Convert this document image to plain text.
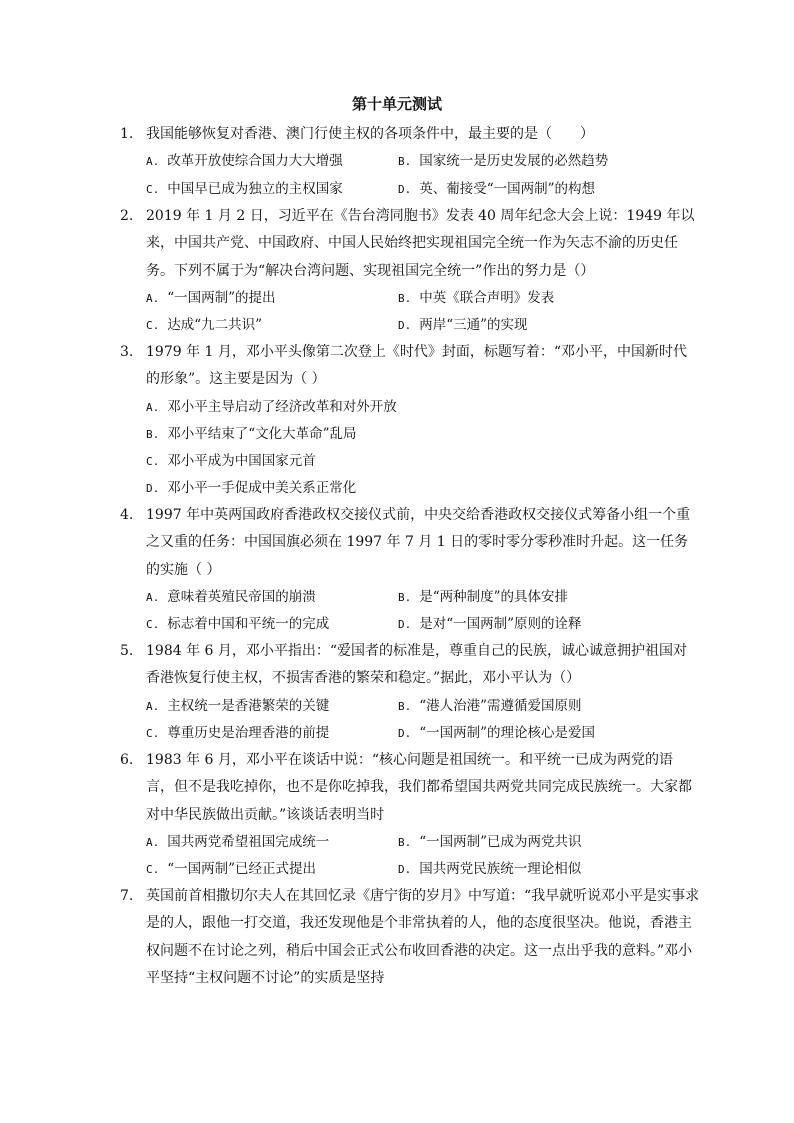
第十单元测试
1. 我国能够恢复对香港、澳门行使主权的各项条件中，最主要的是（　　）
A. 改革开放使综合国力大大增强	B. 国家统一是历史发展的必然趋势
C. 中国早已成为独立的主权国家	D. 英、葡接受“一国两制”的构想
2. 2019 年 1 月 2 日，习近平在《告台湾同胞书》发表 40 周年纪念大会上说：1949 年以来，中国共产党、中国政府、中国人民始终把实现祖国完全统一作为矢志不渝的历史任务。下列不属于为“解决台湾问题、实现祖国完全统一”作出的努力是（）
A. “一国两制”的提出	B. 中英《联合声明》发表
C. 达成“九二共识”	D. 两岸“三通”的实现
3. 1979 年 1 月，邓小平头像第二次登上《时代》封面，标题写着：“邓小平，中国新时代的形象”。这主要是因为（ ）
A. 邓小平主导启动了经济改革和对外开放
B. 邓小平结束了“文化大革命”乱局
C. 邓小平成为中国国家元首
D. 邓小平一手促成中美关系正常化
4. 1997 年中英两国政府香港政权交接仪式前，中央交给香港政权交接仪式筹备小组一个重之又重的任务：中国国旗必须在 1997 年 7 月 1 日的零时零分零秒准时升起。这一任务的实施（ ）
A. 意味着英殖民帝国的崩溃	B. 是“两种制度”的具体安排
C. 标志着中国和平统一的完成	D. 是对“一国两制”原则的诠释
5. 1984 年 6 月，邓小平指出：“爱国者的标准是，尊重自己的民族，诚心诚意拥护祖国对香港恢复行使主权，不损害香港的繁荣和稳定。”据此，邓小平认为（）
A. 主权统一是香港繁荣的关键	B. “港人治港”需遵循爱国原则
C. 尊重历史是治理香港的前提	D. “一国两制”的理论核心是爱国
6. 1983 年 6 月，邓小平在谈话中说：“核心问题是祖国统一。和平统一已成为两党的语言，但不是我吃掉你，也不是你吃掉我，我们都希望国共两党共同完成民族统一。大家都对中华民族做出贡献。”该谈话表明当时
A. 国共两党希望祖国完成统一	B. “一国两制”已成为两党共识
C. “一国两制”已经正式提出	D. 国共两党民族统一理论相似
7. 英国前首相撒切尔夫人在其回忆录《唐宁街的岁月》中写道：“我早就听说邓小平是实事求是的人，跟他一打交道，我还发现他是个非常执着的人，他的态度很坚决。他说，香港主权问题不在讨论之列，稍后中国会正式公布收回香港的决定。这一点出乎我的意料。”邓小平坚持“主权问题不讨论”的实质是坚持
